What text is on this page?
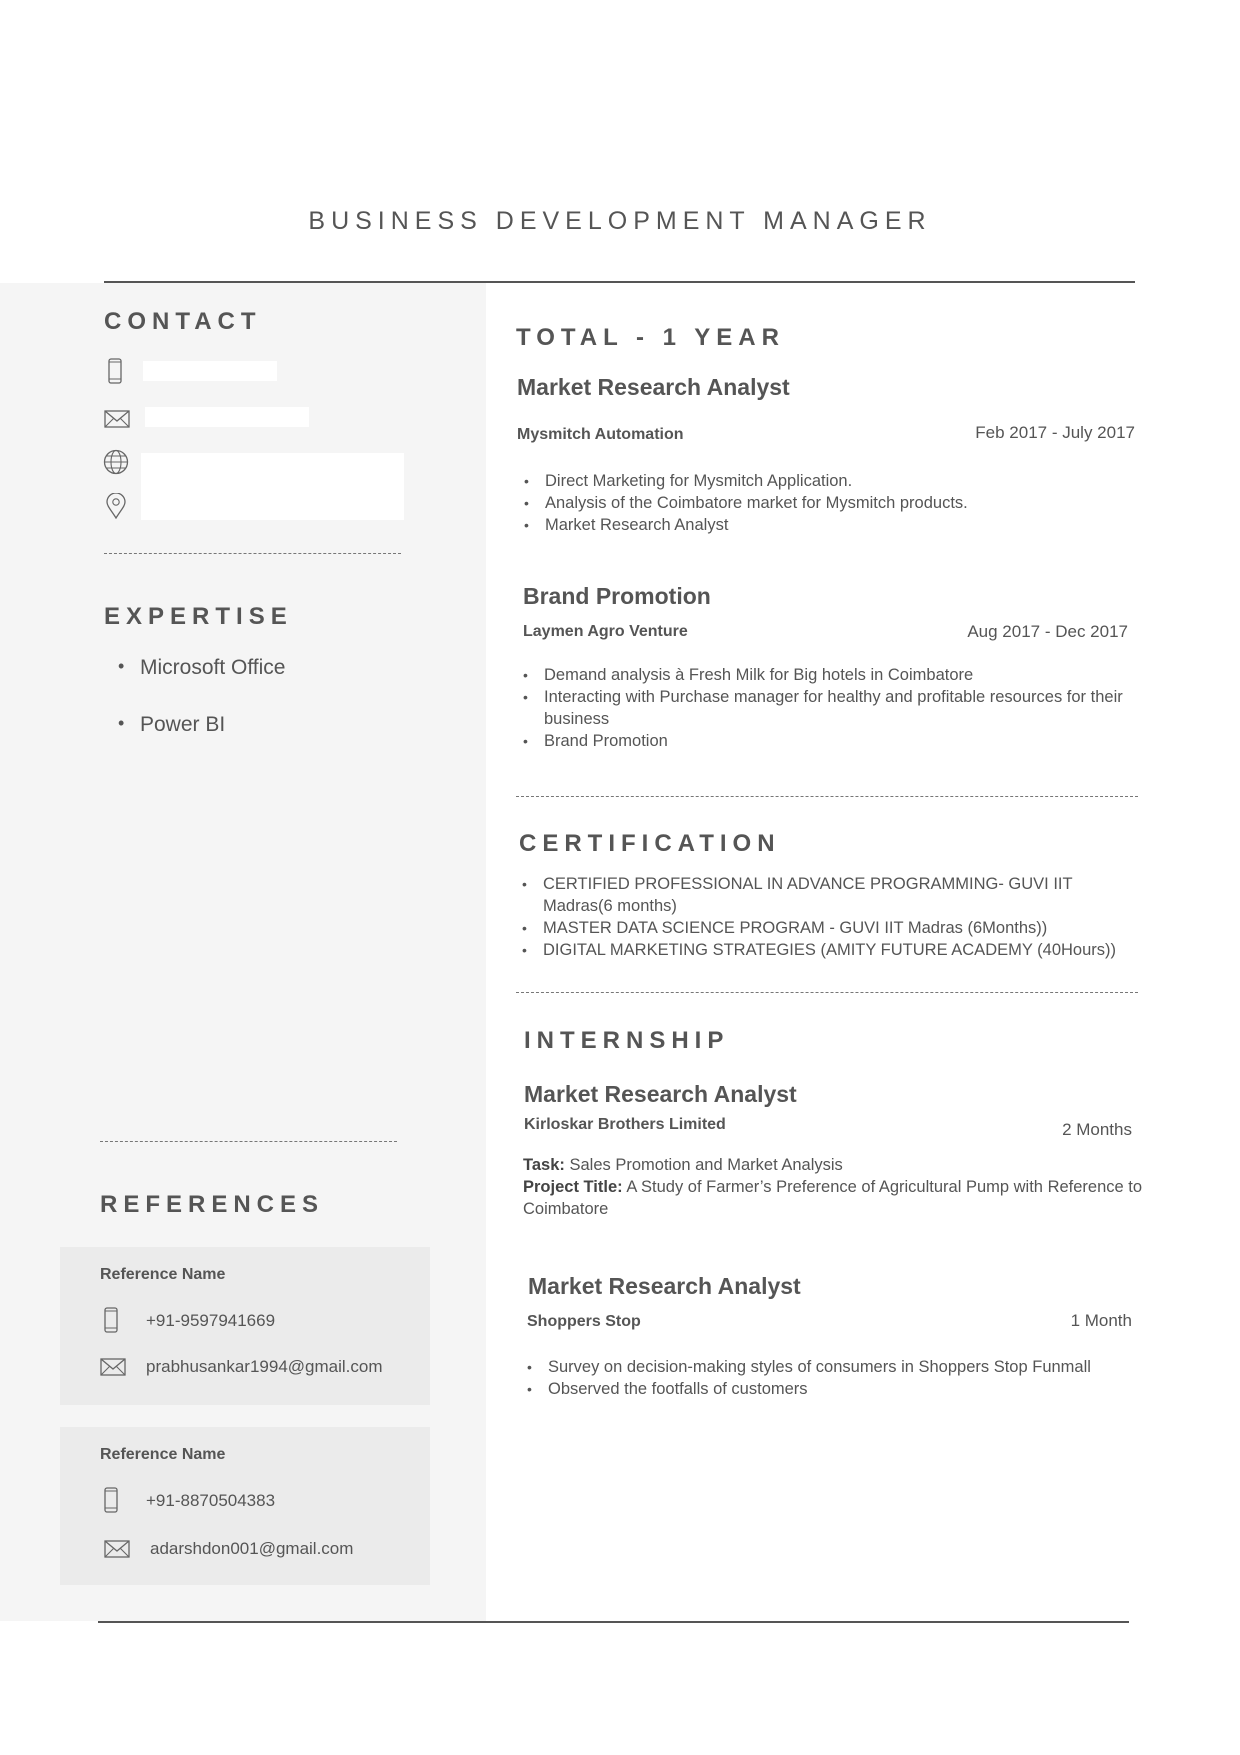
BUSINESS DEVELOPMENT MANAGER
CONTACT
EXPERTISE
• Microsoft Office
• Power BI
REFERENCES
Reference Name
+91-9597941669
prabhusankar1994@gmail.com
Reference Name
+91-8870504383
adarshdon001@gmail.com
TOTAL - 1 YEAR
Market Research Analyst
Mysmitch Automation	Feb 2017 - July 2017
• Direct Marketing for Mysmitch Application.
• Analysis of the Coimbatore market for Mysmitch products.
• Market Research Analyst
Brand Promotion
Laymen Agro Venture	Aug 2017 - Dec 2017
• Demand analysis à Fresh Milk for Big hotels in Coimbatore
• Interacting with Purchase manager for healthy and profitable resources for their business
• Brand Promotion
CERTIFICATION
• CERTIFIED PROFESSIONAL IN ADVANCE PROGRAMMING- GUVI IIT Madras(6 months)
• MASTER DATA SCIENCE PROGRAM - GUVI IIT Madras (6Months))
• DIGITAL MARKETING STRATEGIES (AMITY FUTURE ACADEMY (40Hours))
INTERNSHIP
Market Research Analyst
Kirloskar Brothers Limited	2 Months
Task: Sales Promotion and Market Analysis
Project Title: A Study of Farmer’s Preference of Agricultural Pump with Reference to Coimbatore
Market Research Analyst
Shoppers Stop	1 Month
• Survey on decision-making styles of consumers in Shoppers Stop Funmall
• Observed the footfalls of customers
